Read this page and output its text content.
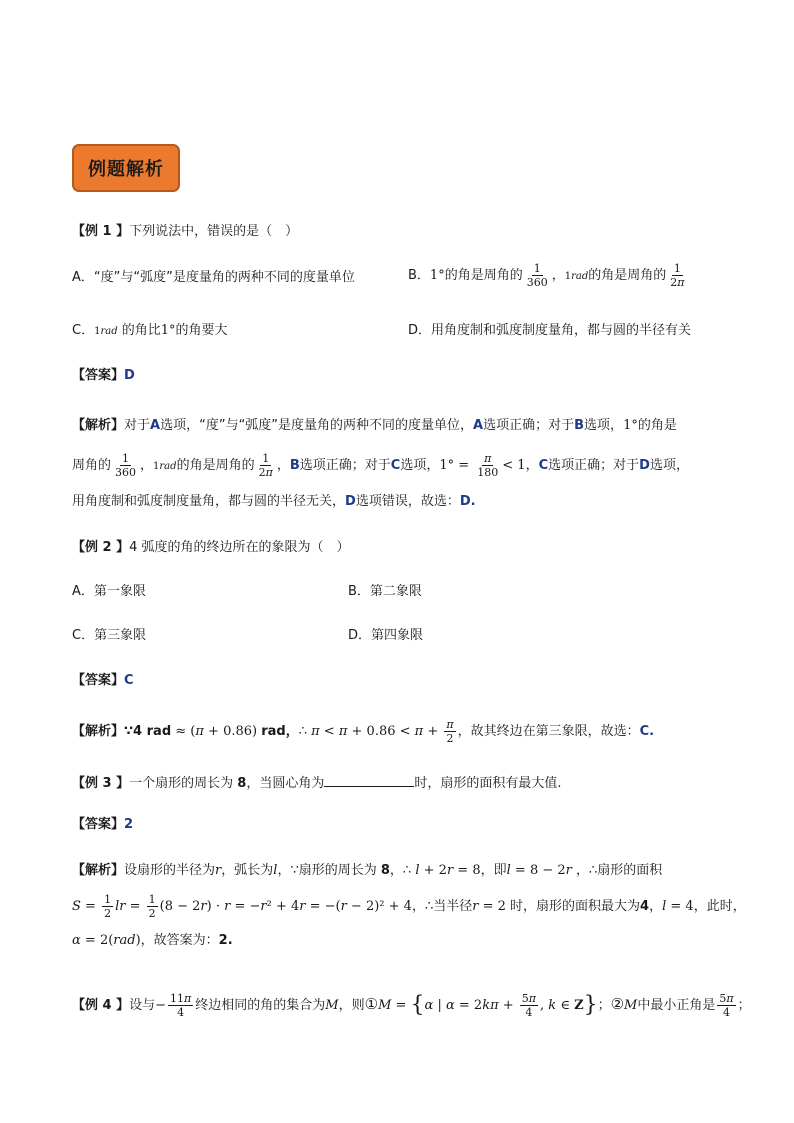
例题解析
【例 1 】下列说法中，错误的是（　）
A．“度”与“弧度”是度量角的两种不同的度量单位	B．1°的角是周角的 $\frac{1}{360}$ ，1rad的角是周角的 $\frac{1}{2\pi}$
C．1rad 的角比1°的角要大	D．用角度制和弧度制度量角，都与圆的半径有关
【答案】D
【解析】对于A选项，“度”与“弧度”是度量角的两种不同的度量单位，A选项正确；对于B选项，1°的角是
周角的 $\frac{1}{360}$ ，1rad的角是周角的 $\frac{1}{2\pi}$ ，B选项正确；对于C选项，$1^\circ = \frac{\pi}{180} < 1$，C选项正确；对于D选项，
用角度制和弧度制度量角，都与圆的半径无关，D选项错误，故选：D.
【例 2 】4 弧度的角的终边所在的象限为（　）
A．第一象限	B．第二象限
C．第三象限	D．第四象限
【答案】C
【解析】∵4 rad ≈ (π + 0.86) rad，∴ $\pi < \pi + 0.86 < \pi + \frac{\pi}{2}$ ，故其终边在第三象限，故选：C.
【例 3 】一个扇形的周长为 8，当圆心角为	时，扇形的面积有最大值.
【答案】2
【解析】设扇形的半径为r，弧长为l，∵扇形的周长为 8，∴ l + 2r = 8，即l = 8 − 2r ，∴扇形的面积
$S = \frac{1}{2}$ lr = $\frac{1}{2} (8 - 2r) \cdot r = -r^2 + 4r = -(r - 2)^2 + 4$，∴当半径r = 2 时，扇形的面积最大为4，l = 4，此时，
α = 2(rad)，故答案为：2.
【例 4 】设与− $\frac{11\pi}{4}$ 终边相同的角的集合为M，则①M = {α | $\alpha = 2k\pi + \frac{5\pi}{4}$ , k ∈ Z}；②M中最小正角是 $\frac{5\pi}{4}$ ；
